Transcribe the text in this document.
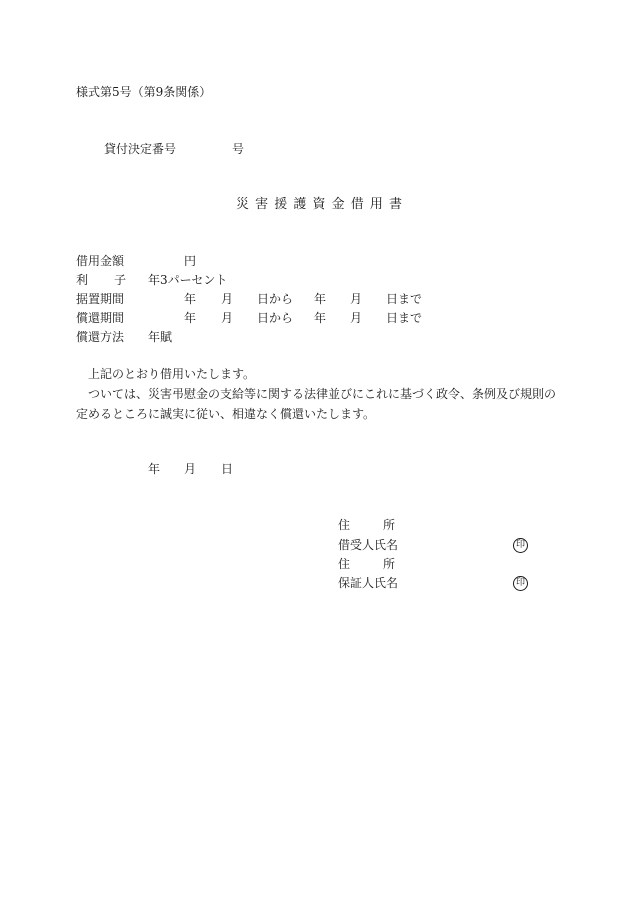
様式第5号（第9条関係）
貸付決定番号	号
災 害 援 護 資 金 借 用 書
借用金額	円
利 子 年3パーセント
据置期間	年 月 日から 年 月 日まで
償還期間	年 月 日から 年 月 日まで
償還方法 年賦
上記のとおり借用いたします。
ついては、災害弔慰金の支給等に関する法律並びにこれに基づく政令、条例及び規則の
定めるところに誠実に従い、相違なく償還いたします。
年 月 日
住	所
借受人氏名	印
住	所
保証人氏名	印
